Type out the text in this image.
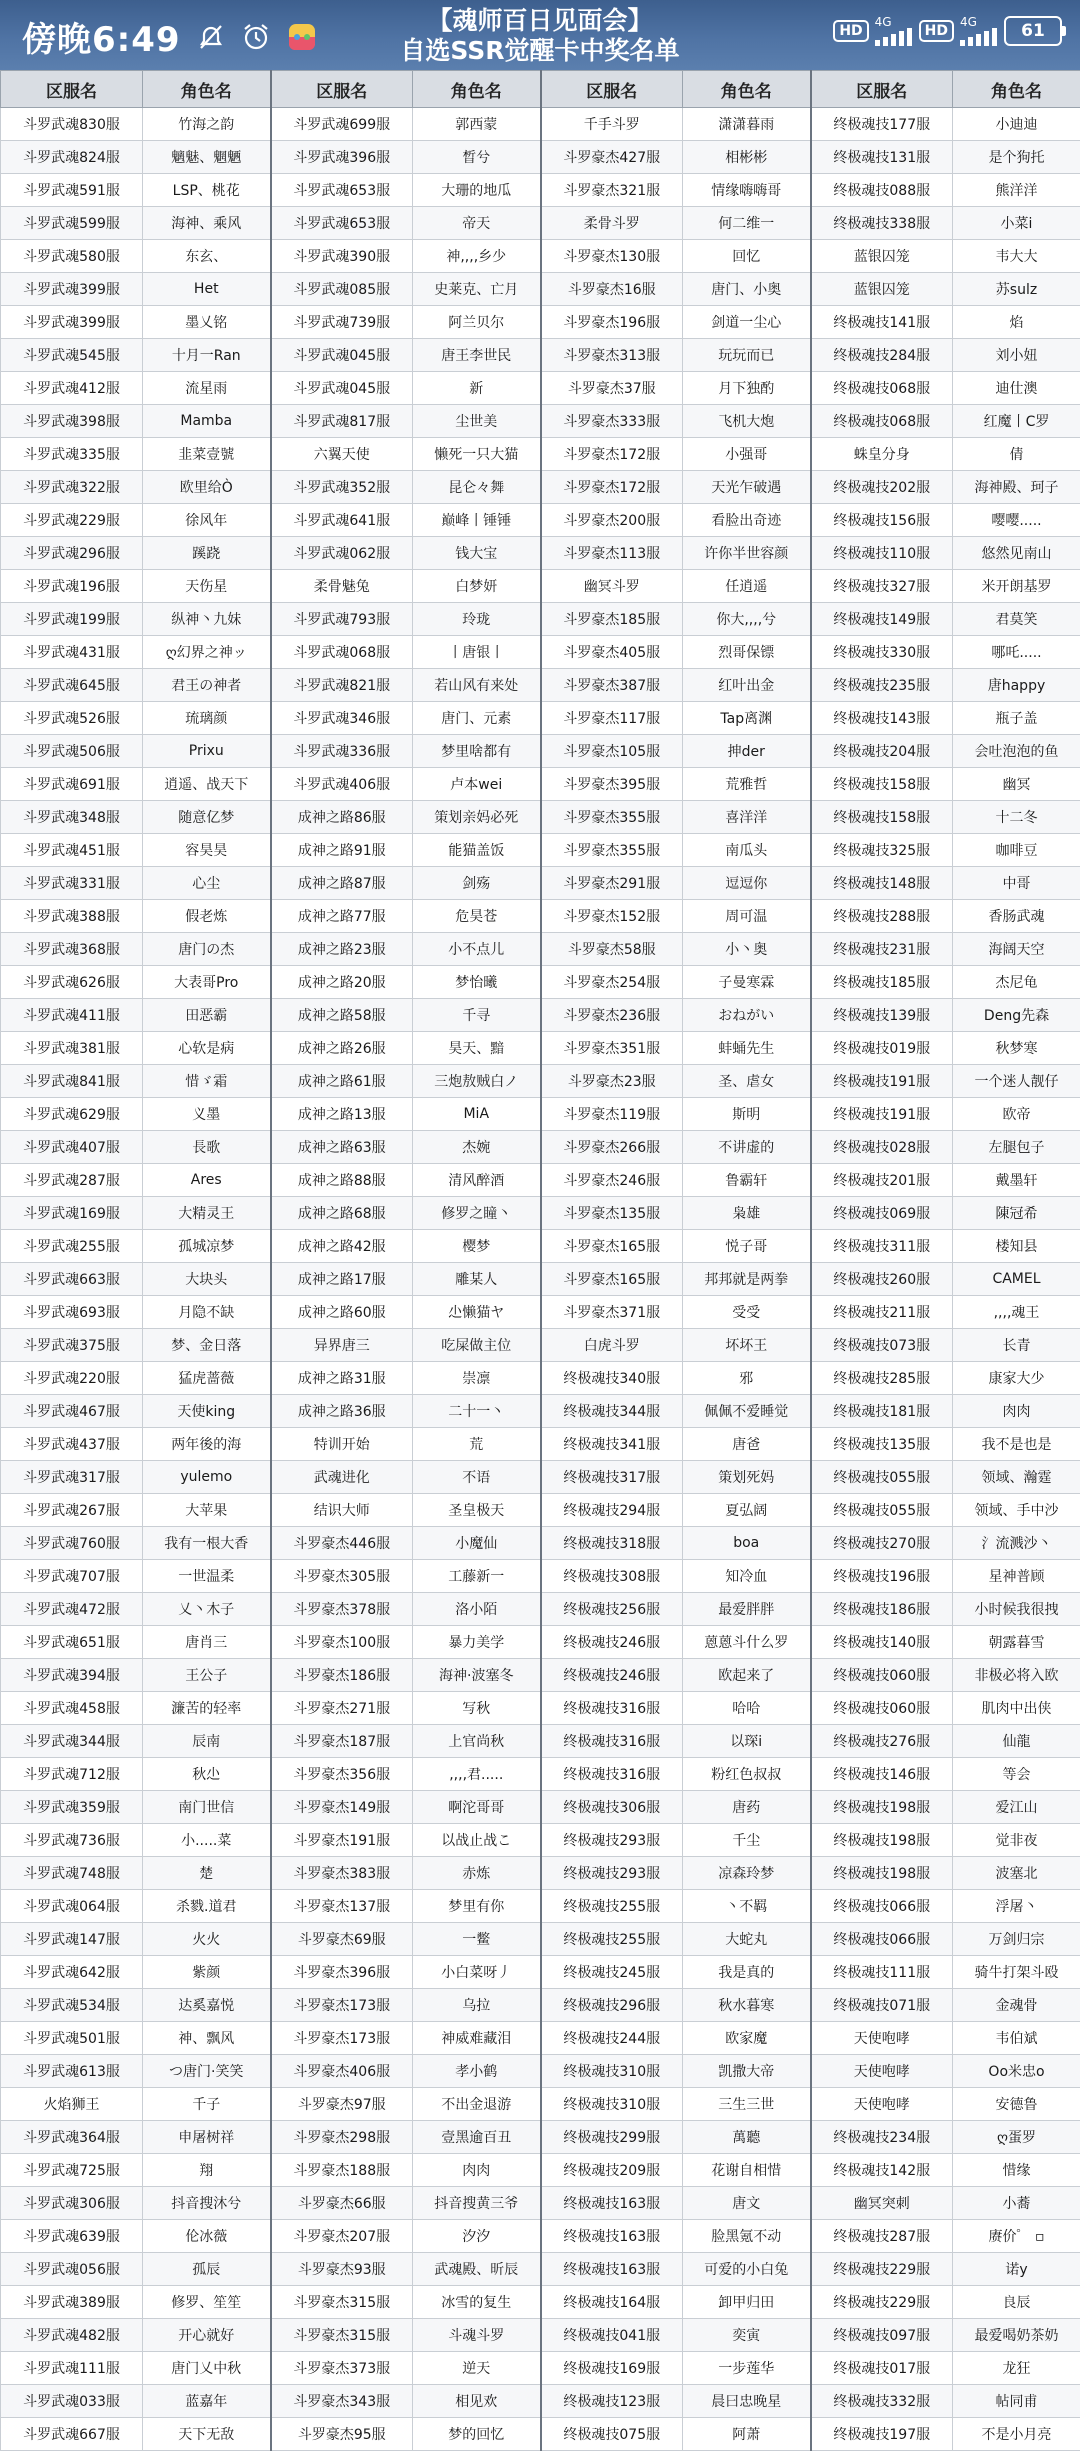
傍晚6:49	【魂师百日见面会】
自选SSR觉醒卡中奖名单
HD
4G
HD
4G	61
区服名	角色名	区服名	角色名	区服名	角色名	区服名	角色名
斗罗武魂830服	竹海之韵	斗罗武魂699服	郭西蒙	千手斗罗	潇潇暮雨	终极魂技177服	小迪迪
斗罗武魂824服	魑魅、魍魉	斗罗武魂396服	晳兮	斗罗豪杰427服	相彬彬	终极魂技131服	是个狗托
斗罗武魂591服	LSP、桃花	斗罗武魂653服	大珊的地瓜	斗罗豪杰321服	情缘嗨嗨哥	终极魂技088服	熊洋洋
斗罗武魂599服	海神、乘风	斗罗武魂653服	帝天	柔骨斗罗	何二维一	终极魂技338服	小菜i
斗罗武魂580服	东玄、	斗罗武魂390服	神,,,,乡少	斗罗豪杰130服	回忆	蓝银囚笼	韦大大
斗罗武魂399服	Het	斗罗武魂085服	史莱克、亡月	斗罗豪杰16服	唐门、小奥	蓝银囚笼	苏sulz
斗罗武魂399服	墨乂铭	斗罗武魂739服	阿兰贝尔	斗罗豪杰196服	剑道一尘心	终极魂技141服	焰
斗罗武魂545服	十月一Ran	斗罗武魂045服	唐王李世民	斗罗豪杰313服	玩玩而已	终极魂技284服	刘小妞
斗罗武魂412服	流星雨	斗罗武魂045服	新	斗罗豪杰37服	月下独酌	终极魂技068服	迪仕澳
斗罗武魂398服	Mamba	斗罗武魂817服	尘世美	斗罗豪杰333服	飞机大炮	终极魂技068服	红魔丨C罗
斗罗武魂335服	韭菜壹號	六翼天使	懒死一只大猫	斗罗豪杰172服	小强哥	蛛皇分身	倩
斗罗武魂322服	欧里给Ò	斗罗武魂352服	昆仑々舞	斗罗豪杰172服	天光乍破遇	终极魂技202服	海神殿、珂子
斗罗武魂229服	徐风年	斗罗武魂641服	巅峰丨锤锤	斗罗豪杰200服	看脸出奇迹	终极魂技156服	嘤嘤.....
斗罗武魂296服	蹊跷	斗罗武魂062服	钱大宝	斗罗豪杰113服	许你半世容颜	终极魂技110服	悠然见南山
斗罗武魂196服	天伤星	柔骨魅兔	白梦妍	幽冥斗罗	任逍遥	终极魂技327服	米开朗基罗
斗罗武魂199服	纵神丶九妹	斗罗武魂793服	玲珑	斗罗豪杰185服	你大,,,,兮	终极魂技149服	君莫笑
斗罗武魂431服	ღ幻界之神ッ	斗罗武魂068服	丨唐银丨	斗罗豪杰405服	烈哥保镖	终极魂技330服	哪吒.....
斗罗武魂645服	君王の神者	斗罗武魂821服	若山风有来处	斗罗豪杰387服	红叶出金	终极魂技235服	唐happy
斗罗武魂526服	琉璃颜	斗罗武魂346服	唐门、元素	斗罗豪杰117服	Tap离渊	终极魂技143服	瓶子盖
斗罗武魂506服	Prixu	斗罗武魂336服	梦里啥都有	斗罗豪杰105服	抻der	终极魂技204服	会吐泡泡的鱼
斗罗武魂691服	逍遥、战天下	斗罗武魂406服	卢本wei	斗罗豪杰395服	荒雅哲	终极魂技158服	幽冥
斗罗武魂348服	随意亿梦	成神之路86服	策划亲妈必死	斗罗豪杰355服	喜洋洋	终极魂技158服	十二冬
斗罗武魂451服	容昊昊	成神之路91服	能猫盖饭	斗罗豪杰355服	南瓜头	终极魂技325服	咖啡豆
斗罗武魂331服	心尘	成神之路87服	剑殇	斗罗豪杰291服	逗逗你	终极魂技148服	中哥
斗罗武魂388服	假老炼	成神之路77服	危昊苍	斗罗豪杰152服	周可温	终极魂技288服	香肠武魂
斗罗武魂368服	唐门の杰	成神之路23服	小不点儿	斗罗豪杰58服	小丶奥	终极魂技231服	海阔天空
斗罗武魂626服	大表哥Pro	成神之路20服	梦怡曦	斗罗豪杰254服	子曼寒霖	终极魂技185服	杰尼龟
斗罗武魂411服	田恶霸	成神之路58服	千寻	斗罗豪杰236服	おねがい	终极魂技139服	Deng先森
斗罗武魂381服	心软是病	成神之路26服	昊天、黯	斗罗豪杰351服	蚌蛹先生	终极魂技019服	秋梦寒
斗罗武魂841服	惜ゞ霜	成神之路61服	三炮敖贼白ノ	斗罗豪杰23服	圣、虐女	终极魂技191服	一个迷人靓仔
斗罗武魂629服	义墨	成神之路13服	MiA	斗罗豪杰119服	斯明	终极魂技191服	欧帝
斗罗武魂407服	長歌	成神之路63服	杰婉	斗罗豪杰266服	不讲虚的	终极魂技028服	左腿包子
斗罗武魂287服	Ares	成神之路88服	清风醉酒	斗罗豪杰246服	鲁霸轩	终极魂技201服	戴墨轩
斗罗武魂169服	大精灵王	成神之路68服	修罗之瞳丶	斗罗豪杰135服	枭雄	终极魂技069服	陳冠希
斗罗武魂255服	孤城凉梦	成神之路42服	樱梦	斗罗豪杰165服	悦子哥	终极魂技311服	楼知县
斗罗武魂663服	大块头	成神之路17服	雕某人	斗罗豪杰165服	邦邦就是两拳	终极魂技260服	CAMEL
斗罗武魂693服	月隐不缺	成神之路60服	尐懒猫ヤ	斗罗豪杰371服	受受	终极魂技211服	,,,,魂王
斗罗武魂375服	梦、金日落	异界唐三	吃屎做主位	白虎斗罗	坏坏王	终极魂技073服	长青
斗罗武魂220服	猛虎蔷薇	成神之路31服	崇凛	终极魂技340服	邪	终极魂技285服	康家大少
斗罗武魂467服	天使king	成神之路36服	二十一丶	终极魂技344服	佩佩不爱睡觉	终极魂技181服	肉肉
斗罗武魂437服	两年後的海	特训开始	荒	终极魂技341服	唐爸	终极魂技135服	我不是也是
斗罗武魂317服	yulemo	武魂进化	不语	终极魂技317服	策划死妈	终极魂技055服	领域、瀚霆
斗罗武魂267服	大苹果	结识大师	圣皇极天	终极魂技294服	夏弘阔	终极魂技055服	领域、手中沙
斗罗武魂760服	我有一根大香	斗罗豪杰446服	小魔仙	终极魂技318服	boa	终极魂技270服	氵流溅沙丶
斗罗武魂707服	一世温柔	斗罗豪杰305服	工藤新一	终极魂技308服	知冷血	终极魂技196服	星神普顾
斗罗武魂472服	乂丶木子	斗罗豪杰378服	洛小陌	终极魂技256服	最爱胖胖	终极魂技186服	小时候我很拽
斗罗武魂651服	唐肖三	斗罗豪杰100服	暴力美学	终极魂技246服	蒽蒽斗什么罗	终极魂技140服	朝露暮雪
斗罗武魂394服	王公子	斗罗豪杰186服	海神·波塞冬	终极魂技246服	欧起来了	终极魂技060服	非极必将入欧
斗罗武魂458服	濂苦的轻率	斗罗豪杰271服	写秋	终极魂技316服	哈哈	终极魂技060服	肌肉中出侠
斗罗武魂344服	辰南	斗罗豪杰187服	上官尚秋	终极魂技316服	以琛i	终极魂技276服	仙龍
斗罗武魂712服	秋尐	斗罗豪杰356服	,,,,君.....	终极魂技316服	粉红色叔叔	终极魂技146服	等会
斗罗武魂359服	南门世信	斗罗豪杰149服	啊沱哥哥	终极魂技306服	唐药	终极魂技198服	爱江山
斗罗武魂736服	小.....菜	斗罗豪杰191服	以战止战こ	终极魂技293服	千尘	终极魂技198服	觉非夜
斗罗武魂748服	楚	斗罗豪杰383服	赤炼	终极魂技293服	凉森玲梦	终极魂技198服	波塞北
斗罗武魂064服	杀戮.道君	斗罗豪杰137服	梦里有你	终极魂技255服	丶不羁	终极魂技066服	浮屠丶
斗罗武魂147服	火火	斗罗豪杰69服	一鳖	终极魂技255服	大蛇丸	终极魂技066服	万剑归宗
斗罗武魂642服	紫颜	斗罗豪杰396服	小白菜呀丿	终极魂技245服	我是真的	终极魂技111服	骑牛打架斗殴
斗罗武魂534服	达奚嘉悦	斗罗豪杰173服	乌拉	终极魂技296服	秋水暮寒	终极魂技071服	金魂骨
斗罗武魂501服	神、飘风	斗罗豪杰173服	神威难藏泪	终极魂技244服	欧家魔	天使咆哮	韦伯斌
斗罗武魂613服	つ唐门·笑笑	斗罗豪杰406服	孝小鹤	终极魂技310服	凯撒大帝	天使咆哮	Oo米忠o
火焰狮王	千子	斗罗豪杰97服	不出金退游	终极魂技310服	三生三世	天使咆哮	安德鲁
斗罗武魂364服	申屠树祥	斗罗豪杰298服	壹黑逾百丑	终极魂技299服	萬聽	终极魂技234服	ღ蛋罗
斗罗武魂725服	翔	斗罗豪杰188服	肉肉	终极魂技209服	花谢自相惜	终极魂技142服	惜缘
斗罗武魂306服	抖音搜沐兮	斗罗豪杰66服	抖音搜黄三爷	终极魂技163服	唐文	幽冥突刺	小蕎
斗罗武魂639服	伦冰薇	斗罗豪杰207服	汐汐	终极魂技163服	脸黑氪不动	终极魂技287服	赓价゜ ▫
斗罗武魂056服	孤辰	斗罗豪杰93服	武魂殿、昕辰	终极魂技163服	可爱的小白兔	终极魂技229服	诺y
斗罗武魂389服	修罗、笙笙	斗罗豪杰315服	冰雪的复生	终极魂技164服	卸甲归田	终极魂技229服	良辰
斗罗武魂482服	开心就好	斗罗豪杰315服	斗魂斗罗	终极魂技041服	奕寅	终极魂技097服	最爱喝奶茶奶
斗罗武魂111服	唐门乂中秋	斗罗豪杰373服	逆天	终极魂技169服	一步莲华	终极魂技017服	龙狂
斗罗武魂033服	蓝嘉年	斗罗豪杰343服	相见欢	终极魂技123服	晨曰忠晚星	终极魂技332服	帖同甫
斗罗武魂667服	天下无敌	斗罗豪杰95服	梦的回忆	终极魂技075服	阿萧	终极魂技197服	不是小月亮
